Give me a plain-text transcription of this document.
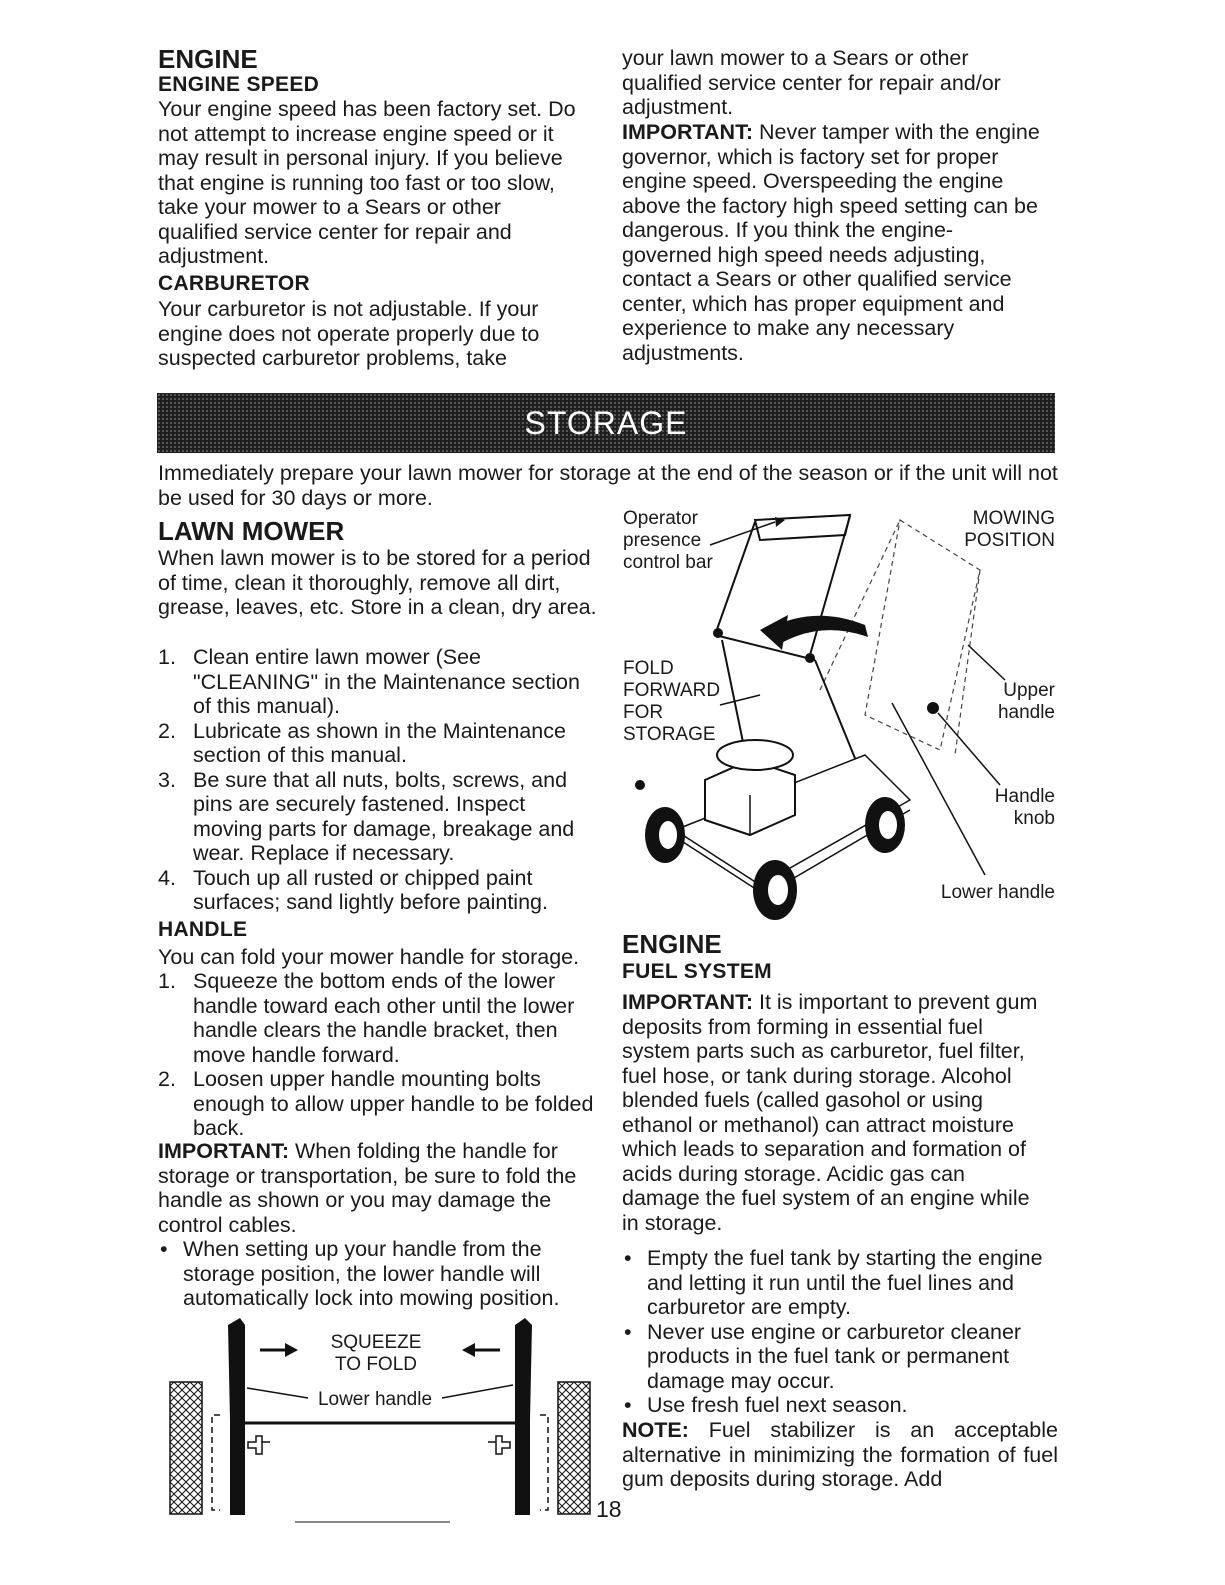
ENGINE
ENGINE SPEED
Your engine speed has been factory set. Do not attempt to increase engine speed or it may result in personal injury. If you believe that engine is running too fast or too slow, take your mower to a Sears or other qualified service center for repair and adjustment.
CARBURETOR
Your carburetor is not adjustable. If your engine does not operate properly due to suspected carburetor problems, take
your lawn mower to a Sears or other qualified service center for repair and/or adjustment.
IMPORTANT: Never tamper with the engine governor, which is factory set for proper engine speed. Overspeeding the engine above the factory high speed setting can be dangerous. If you think the engine-governed high speed needs adjusting, contact a Sears or other qualified service center, which has proper equipment and experience to make any necessary adjustments.
STORAGE
Immediately prepare your lawn mower for storage at the end of the season or if the unit will not be used for 30 days or more.
LAWN MOWER
When lawn mower is to be stored for a period of time, clean it thoroughly, remove all dirt, grease, leaves, etc. Store in a clean, dry area.
1. Clean entire lawn mower (See "CLEANING" in the Maintenance section of this manual).
2. Lubricate as shown in the Maintenance section of this manual.
3. Be sure that all nuts, bolts, screws, and pins are securely fastened. Inspect moving parts for damage, breakage and wear. Replace if necessary.
4. Touch up all rusted or chipped paint surfaces; sand lightly before painting.
HANDLE
You can fold your mower handle for storage.
1. Squeeze the bottom ends of the lower handle toward each other until the lower handle clears the handle bracket, then move handle forward.
2. Loosen upper handle mounting bolts enough to allow upper handle to be folded back.
IMPORTANT: When folding the handle for storage or transportation, be sure to fold the handle as shown or you may damage the control cables.
• When setting up your handle from the storage position, the lower handle will automatically lock into mowing position.
SQUEEZE
TO FOLD
Lower handle
18
Operator
presence
control bar
MOWING
POSITION
FOLD
FORWARD
FOR
STORAGE
Upper
handle
Handle
knob
Lower handle
ENGINE
FUEL SYSTEM
IMPORTANT: It is important to prevent gum deposits from forming in essential fuel system parts such as carburetor, fuel filter, fuel hose, or tank during storage. Alcohol blended fuels (called gasohol or using ethanol or methanol) can attract moisture which leads to separation and formation of acids during storage. Acidic gas can damage the fuel system of an engine while in storage.
• Empty the fuel tank by starting the engine and letting it run until the fuel lines and carburetor are empty.
• Never use engine or carburetor cleaner products in the fuel tank or permanent damage may occur.
• Use fresh fuel next season.
NOTE: Fuel stabilizer is an acceptable alternative in minimizing the formation of fuel gum deposits during storage. Add
